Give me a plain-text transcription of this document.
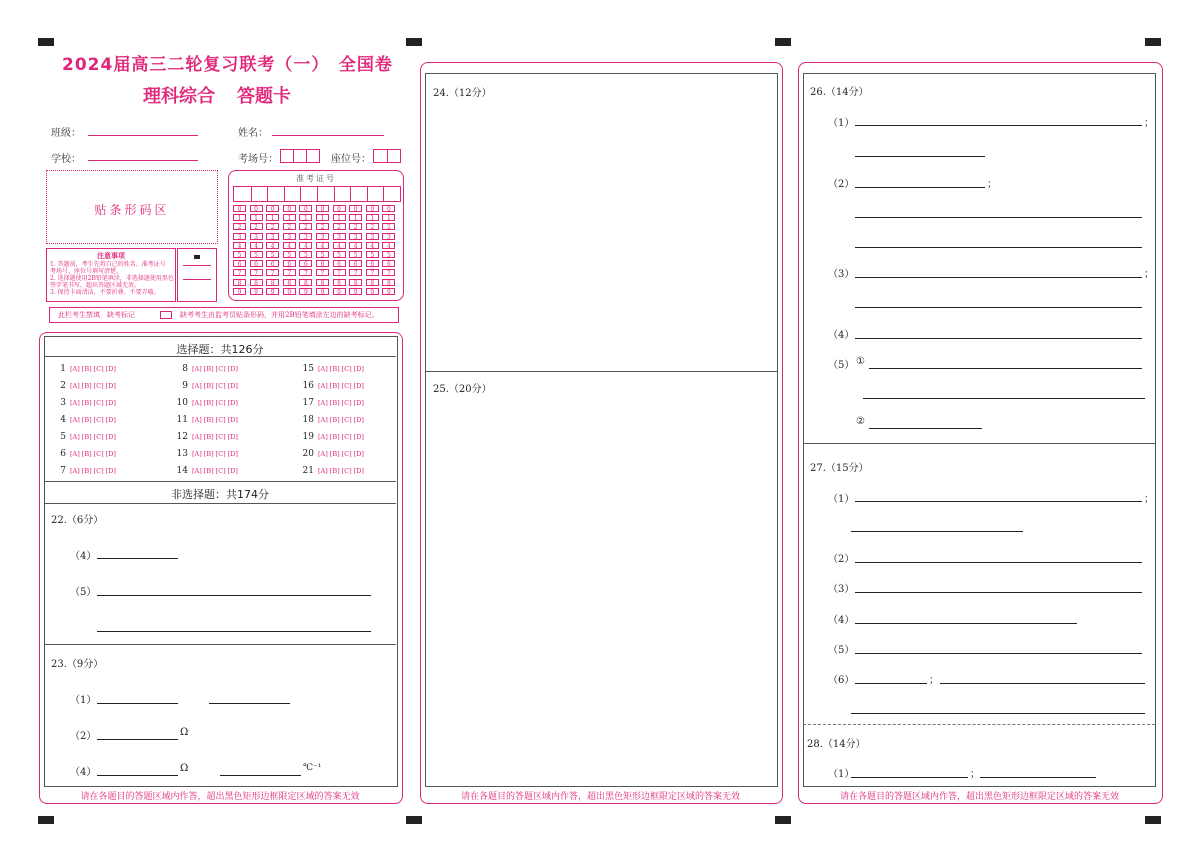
2024届高三二轮复习联考（一）　全国卷
理科综合 答题卡
班级：	姓名：
学校：	考场号：	座位号：
贴条形码区
注意事项
1. 答题前，考生先将自己的姓名、准考证号
考场号、座位号填写清楚。
2. 选择题使用2B铅笔填涂，非选择题使用黑色
签字笔书写，超出答题区域无效。
3. 保持卡面清洁，不要折叠、不要弄破。
准考证号
0
1
2
3
4
5
6
7
8
9
0
1
2
3
4
5
6
7
8
9
0
1
2
3
4
5
6
7
8
9
0
1
2
3
4
5
6
7
8
9
0
1
2
3
4
5
6
7
8
9
0
1
2
3
4
5
6
7
8
9
0
1
2
3
4
5
6
7
8
9
0
1
2
3
4
5
6
7
8
9
0
1
2
3
4
5
6
7
8
9
0
1
2
3
4
5
6
7
8
9
此栏考生禁填　缺考标记	缺考考生由监考员贴条形码，并用2B铅笔填涂左边的缺考标记。
选择题：共126分
1 [A] [B] [C] [D]
2 [A] [B] [C] [D]
3 [A] [B] [C] [D]
4 [A] [B] [C] [D]
5 [A] [B] [C] [D]
6 [A] [B] [C] [D]
7 [A] [B] [C] [D]
8 [A] [B] [C] [D]
9 [A] [B] [C] [D]
10 [A] [B] [C] [D]
11 [A] [B] [C] [D]
12 [A] [B] [C] [D]
13 [A] [B] [C] [D]
14 [A] [B] [C] [D]
15 [A] [B] [C] [D]
16 [A] [B] [C] [D]
17 [A] [B] [C] [D]
18 [A] [B] [C] [D]
19 [A] [B] [C] [D]
20 [A] [B] [C] [D]
21 [A] [B] [C] [D]
非选择题：共174分
22.（6分）
（4）
（5）
23.（9分）
（1）
（2）	Ω
（4）	Ω	℃⁻¹
请在各题目的答题区域内作答，超出黑色矩形边框限定区域的答案无效
24.（12分）
25.（20分）
请在各题目的答题区域内作答，超出黑色矩形边框限定区域的答案无效
26.（14分）
（1）	；
（2）	；
（3）	；
（4）
（5） ①
②
27.（15分）
（1）	；
（2）
（3）
（4）
（5）
（6）	；
28.（14分）
（1）	；
请在各题目的答题区域内作答，超出黑色矩形边框限定区域的答案无效
